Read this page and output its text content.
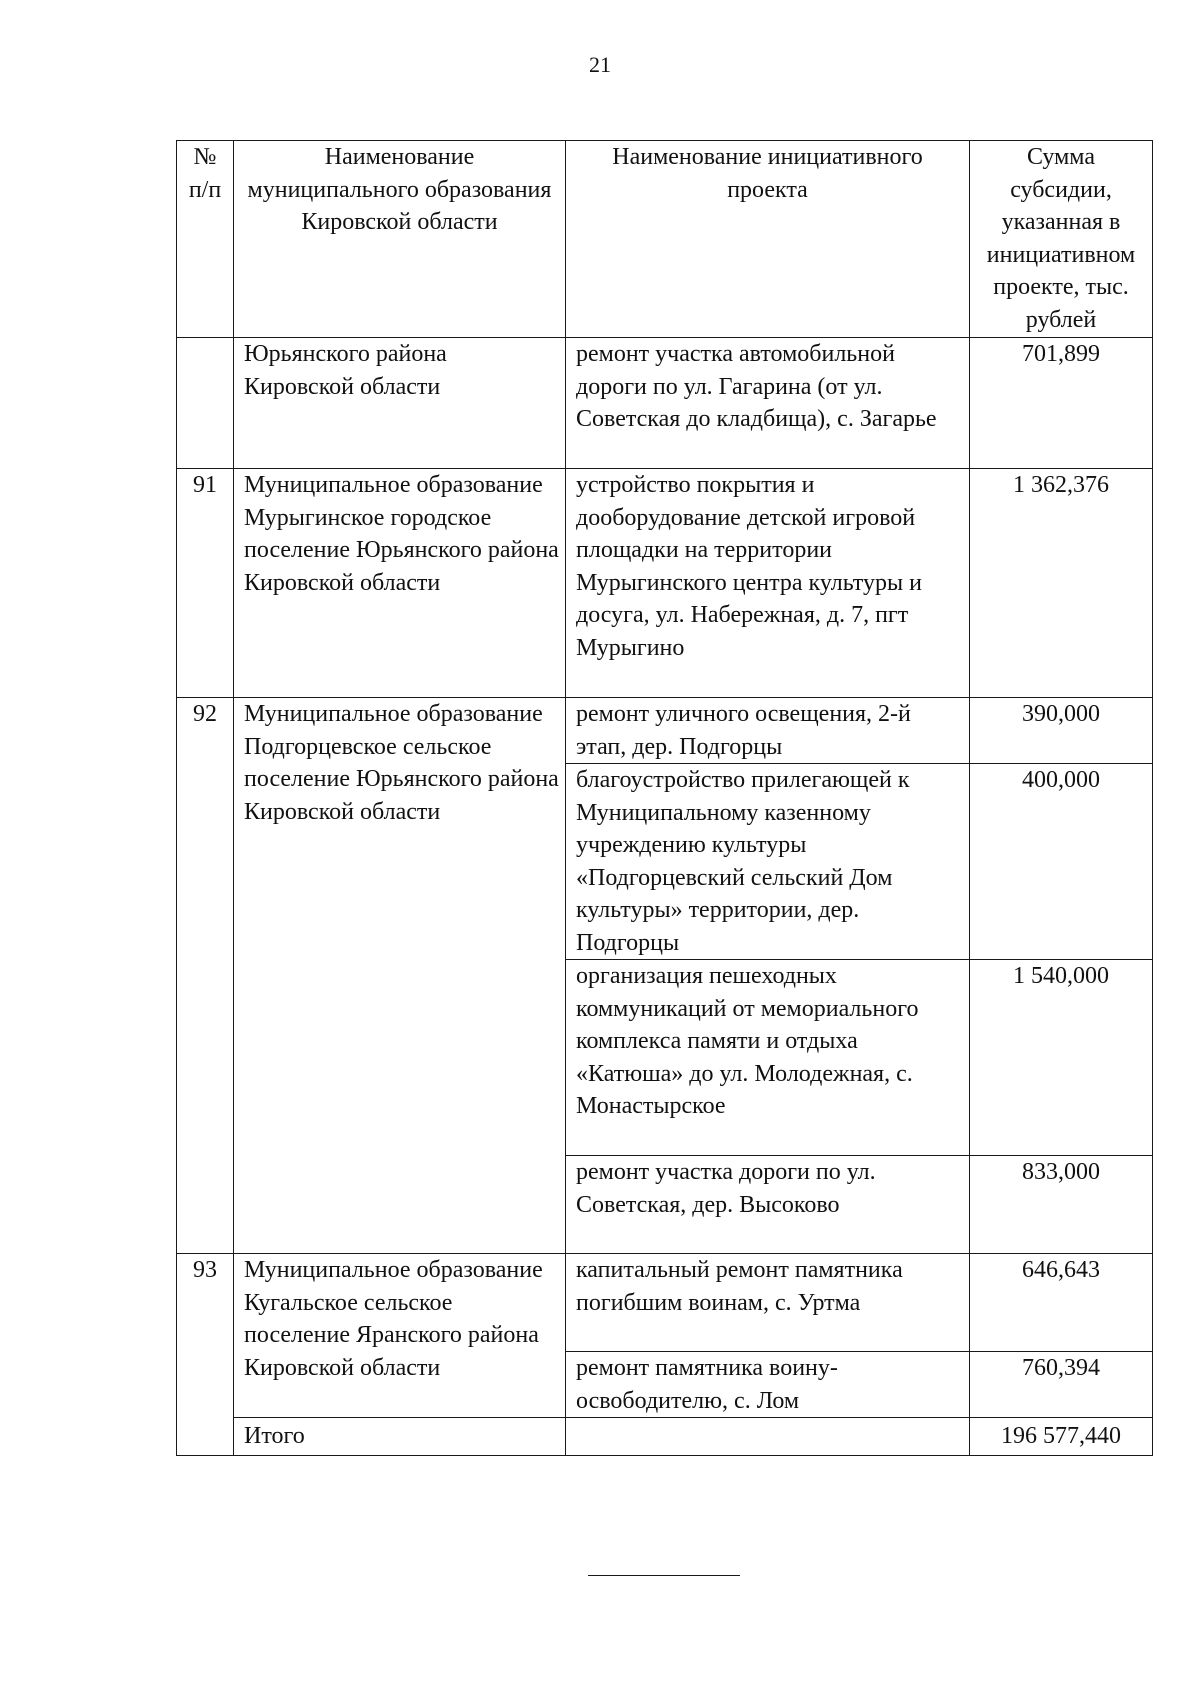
21
№ п/п	Наименование муниципального образования Кировской области	Наименование инициативного проекта	Сумма субсидии, указанная в инициативном проекте, тыс. рублей
	Юрьянского района Кировской области	ремонт участка автомобильной дороги по ул. Гагарина (от ул. Советская до кладбища), с. Загарье	701,899
91	Муниципальное образование Мурыгинское городское поселение Юрьянского района Кировской области	устройство покрытия и дооборудование детской игровой площадки на территории Мурыгинского центра культуры и досуга, ул. Набережная, д. 7, пгт Мурыгино	1 362,376
92	Муниципальное образование Подгорцевское сельское поселение Юрьянского района Кировской области	ремонт уличного освещения, 2-й этап, дер. Подгорцы	390,000
		благоустройство прилегающей к Муниципальному казенному учреждению культуры «Подгорцевский сельский Дом культуры» территории, дер. Подгорцы	400,000
		организация пешеходных коммуникаций от мемориального комплекса памяти и отдыха «Катюша» до ул. Молодежная, с. Монастырское	1 540,000
		ремонт участка дороги по ул. Советская, дер. Высоково	833,000
93	Муниципальное образование Кугальское сельское поселение Яранского района Кировской области	капитальный ремонт памятника погибшим воинам, с. Уртма	646,643
		ремонт памятника воину-освободителю, с. Лом	760,394
	Итого		196 577,440
